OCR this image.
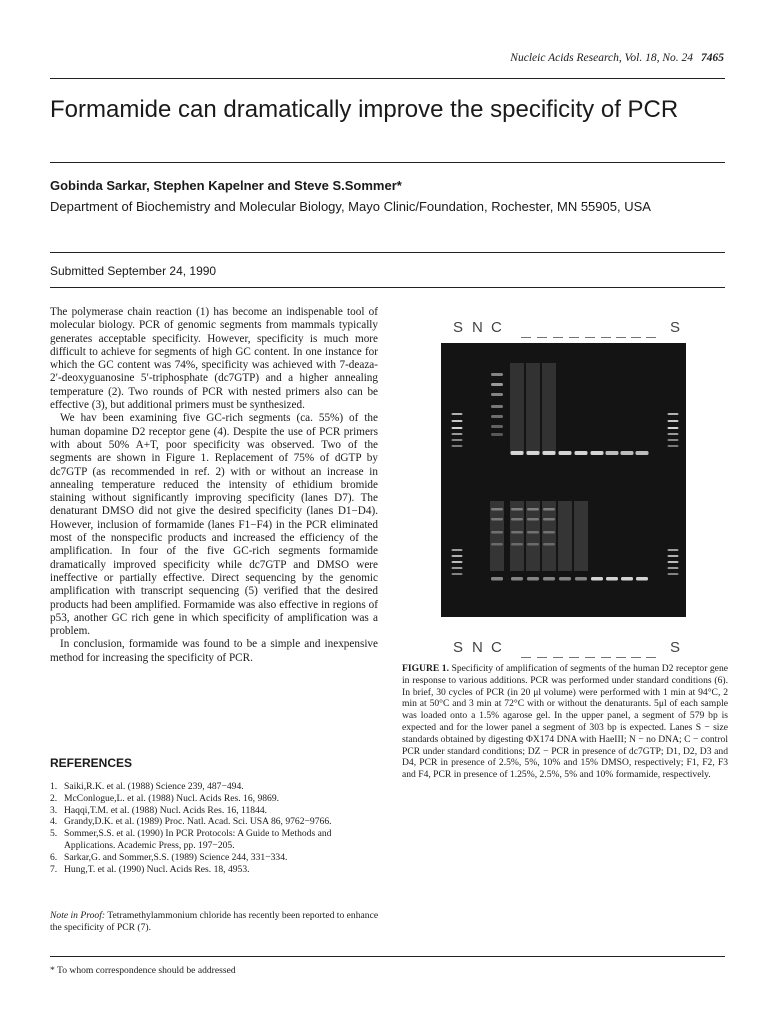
Nucleic Acids Research, Vol. 18, No. 24 7465
Formamide can dramatically improve the specificity of PCR
Gobinda Sarkar, Stephen Kapelner and Steve S.Sommer*
Department of Biochemistry and Molecular Biology, Mayo Clinic/Foundation, Rochester, MN 55905, USA
Submitted September 24, 1990

The polymerase chain reaction (1) has become an indispenable tool of molecular biology. PCR of genomic segments from mammals typically generates acceptable specificity. However, specificity is much more difficult to achieve for segments of high GC content. In one instance for which the GC content was 74%, specificity was achieved with 7-deaza-2′-deoxyguanosine 5′-triphosphate (dc7GTP) and a higher annealing temperature (2). Two rounds of PCR with nested primers also can be effective (3), but additional primers must be synthesized.

We hav been examining five GC-rich segments (ca. 55%) of the human dopamine D2 receptor gene (4). Despite the use of PCR primers with about 50% A+T, poor specificity was observed. Two of the segments are shown in Figure 1. Replacement of 75% of dGTP by dc7GTP (as recommended in ref. 2) with or without an increase in annealing temperature reduced the intensity of ethidium bromide staining without significantly improving specificity (lanes D7). The denaturant DMSO did not give the desired specificity (lanes D1−D4). However, inclusion of formamide (lanes F1−F4) in the PCR eliminated most of the nonspecific products and increased the efficiency of the amplification. In four of the five GC-rich segments formamide dramatically improved specificity while dc7GTP and DMSO were ineffective or partially effective. Direct sequencing by the genomic amplification with transcript sequencing (5) verified that the desired products had been amplified. Formamide was also effective in regions of p53, another GC rich gene in which specificity of amplification was a problem.

In conclusion, formamide was found to be a simple and inexpensive method for increasing the specificity of PCR.

REFERENCES
1. Saiki,R.K. et al. (1988) Science 239, 487−494.
2. McConlogue,L. et al. (1988) Nucl. Acids Res. 16, 9869.
3. Haqqi,T.M. et al. (1988) Nucl. Acids Res. 16, 11844.
4. Grandy,D.K. et al. (1989) Proc. Natl. Acad. Sci. USA 86, 9762−9766.
5. Sommer,S.S. et al. (1990) In PCR Protocols: A Guide to Methods and Applications. Academic Press, pp. 197−205.
6. Sarkar,G. and Sommer,S.S. (1989) Science 244, 331−334.
7. Hung,T. et al. (1990) Nucl. Acids Res. 18, 4953.
Note in Proof: Tetramethylammonium chloride has recently been reported to enhance the specificity of PCR (7).
* To whom correspondence should be addressed
S N C	S
S N C	S
FIGURE 1. Specificity of amplification of segments of the human D2 receptor gene in response to various additions. PCR was performed under standard conditions (6). In brief, 30 cycles of PCR (in 20 μl volume) were performed with 1 min at 94°C, 2 min at 50°C and 3 min at 72°C with or without the denaturants. 5μl of each sample was loaded onto a 1.5% agarose gel. In the upper panel, a segment of 579 bp is expected and for the lower panel a segment of 303 bp is expected. Lanes S − size standards obtained by digesting ΦX174 DNA with HaeIII; N − no DNA; C − control PCR under standard conditions; DZ − PCR in presence of dc7GTP; D1, D2, D3 and D4, PCR in presence of 2.5%, 5%, 10% and 15% DMSO, respectively; F1, F2, F3 and F4, PCR in presence of 1.25%, 2.5%, 5% and 10% formamide, respectively.
